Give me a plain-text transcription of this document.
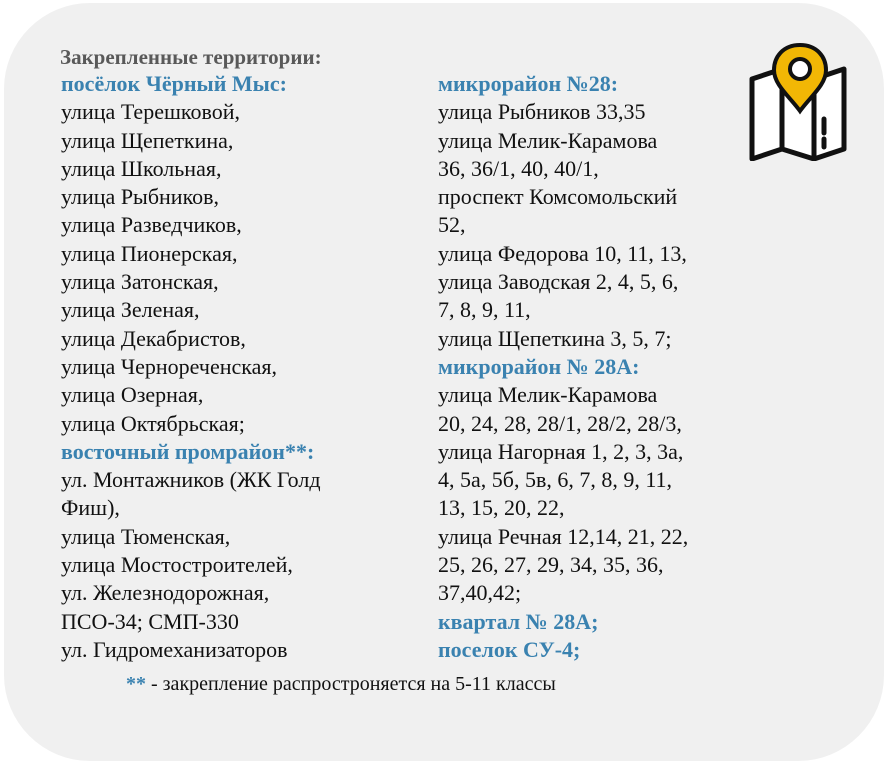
Закрепленные территории:
посёлок Чёрный Мыс:
улица Терешковой,
улица Щепеткина,
улица Школьная,
улица Рыбников,
улица Разведчиков,
улица Пионерская,
улица Затонская,
улица Зеленая,
улица Декабристов,
улица Чернореченская,
улица Озерная,
улица Октябрьская;
восточный промрайон**:
ул. Монтажников (ЖК Голд
Фиш),
улица Тюменская,
улица Мостостроителей,
ул. Железнодорожная,
ПСО-34; СМП-330
ул. Гидромеханизаторов
микрорайон №28:
улица Рыбников 33,35
улица Мелик-Карамова
36, 36/1, 40, 40/1,
проспект Комсомольский
52,
улица Федорова 10, 11, 13,
улица Заводская 2, 4, 5, 6,
7, 8, 9, 11,
улица Щепеткина 3, 5, 7;
микрорайон № 28А:
улица Мелик-Карамова
20, 24, 28, 28/1, 28/2, 28/3,
улица Нагорная 1, 2, 3, 3а,
4, 5а, 5б, 5в, 6, 7, 8, 9, 11,
13, 15, 20, 22,
улица Речная 12,14, 21, 22,
25, 26, 27, 29, 34, 35, 36,
37,40,42;
квартал № 28А;
поселок СУ-4;
** - закрепление распростроняется на 5-11 классы
